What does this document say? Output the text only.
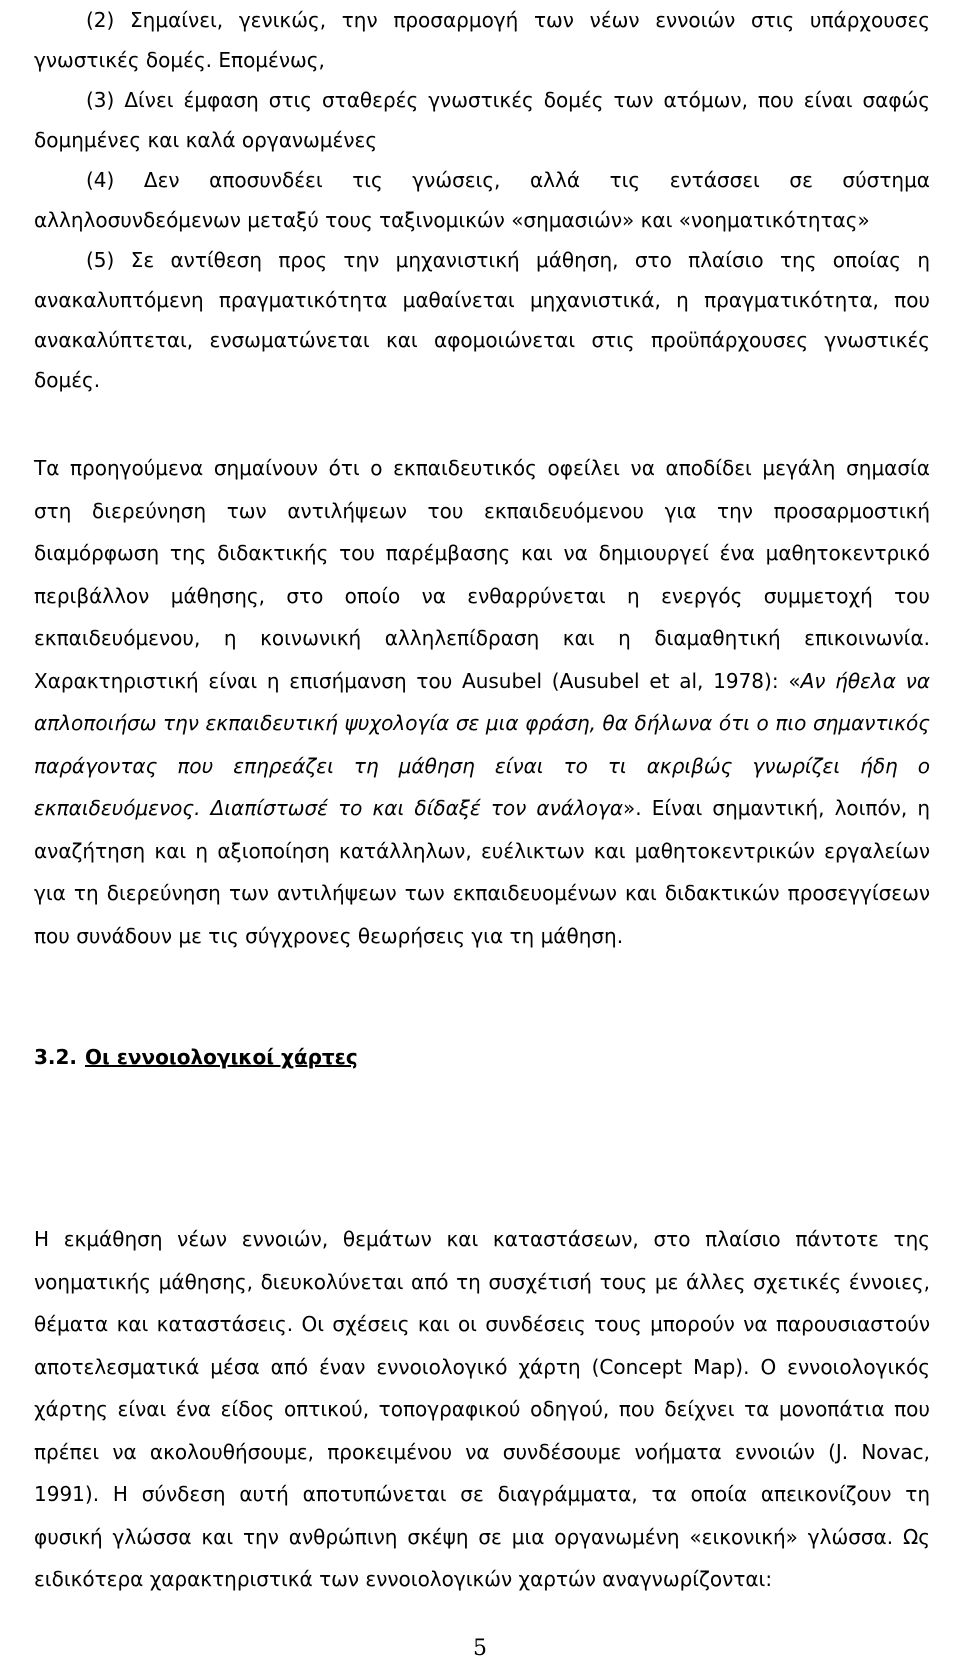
(2) Σημαίνει, γενικώς, την προσαρμογή των νέων εννοιών στις υπάρχουσες γνωστικές δομές. Επομένως,

(3) Δίνει έμφαση στις σταθερές γνωστικές δομές των ατόμων, που είναι σαφώς δομημένες και καλά οργανωμένες

(4) Δεν αποσυνδέει τις γνώσεις, αλλά τις εντάσσει σε σύστημα αλληλοσυνδεόμενων μεταξύ τους ταξινομικών «σημασιών» και «νοηματικότητας»

(5) Σε αντίθεση προς την μηχανιστική μάθηση, στο πλαίσιο της οποίας η ανακαλυπτόμενη πραγματικότητα μαθαίνεται μηχανιστικά, η πραγματικότητα, που ανακαλύπτεται, ενσωματώνεται και αφομοιώνεται στις προϋπάρχουσες γνωστικές δομές.

Τα προηγούμενα σημαίνουν ότι ο εκπαιδευτικός οφείλει να αποδίδει μεγάλη σημασία στη διερεύνηση των αντιλήψεων του εκπαιδευόμενου για την προσαρμοστική διαμόρφωση της διδακτικής του παρέμβασης και να δημιουργεί ένα μαθητοκεντρικό περιβάλλον μάθησης, στο οποίο να ενθαρρύνεται η ενεργός συμμετοχή του εκπαιδευόμενου, η κοινωνική αλληλεπίδραση και η διαμαθητική επικοινωνία. Χαρακτηριστική είναι η επισήμανση του Ausubel (Ausubel et al, 1978): «Αν ήθελα να απλοποιήσω την εκπαιδευτική ψυχολογία σε μια φράση, θα δήλωνα ότι ο πιο σημαντικός παράγοντας που επηρεάζει τη μάθηση είναι το τι ακριβώς γνωρίζει ήδη ο εκπαιδευόμενος. Διαπίστωσέ το και δίδαξέ τον ανάλογα». Είναι σημαντική, λοιπόν, η αναζήτηση και η αξιοποίηση κατάλληλων, ευέλικτων και μαθητοκεντρικών εργαλείων για τη διερεύνηση των αντιλήψεων των εκπαιδευομένων και διδακτικών προσεγγίσεων που συνάδουν με τις σύγχρονες θεωρήσεις για τη μάθηση.

3.2. Οι εννοιολογικοί χάρτες

Η εκμάθηση νέων εννοιών, θεμάτων και καταστάσεων, στο πλαίσιο πάντοτε της νοηματικής μάθησης, διευκολύνεται από τη συσχέτισή τους με άλλες σχετικές έννοιες, θέματα και καταστάσεις. Οι σχέσεις και οι συνδέσεις τους μπορούν να παρουσιαστούν αποτελεσματικά μέσα από έναν εννοιολογικό χάρτη (Concept Map). Ο εννοιολογικός χάρτης είναι ένα είδος οπτικού, τοπογραφικού οδηγού, που δείχνει τα μονοπάτια που πρέπει να ακολουθήσουμε, προκειμένου να συνδέσουμε νοήματα εννοιών (J. Novac, 1991). Η σύνδεση αυτή αποτυπώνεται σε διαγράμματα, τα οποία απεικονίζουν τη φυσική γλώσσα και την ανθρώπινη σκέψη σε μια οργανωμένη «εικονική» γλώσσα. Ως ειδικότερα χαρακτηριστικά των εννοιολογικών χαρτών αναγνωρίζονται:

5
